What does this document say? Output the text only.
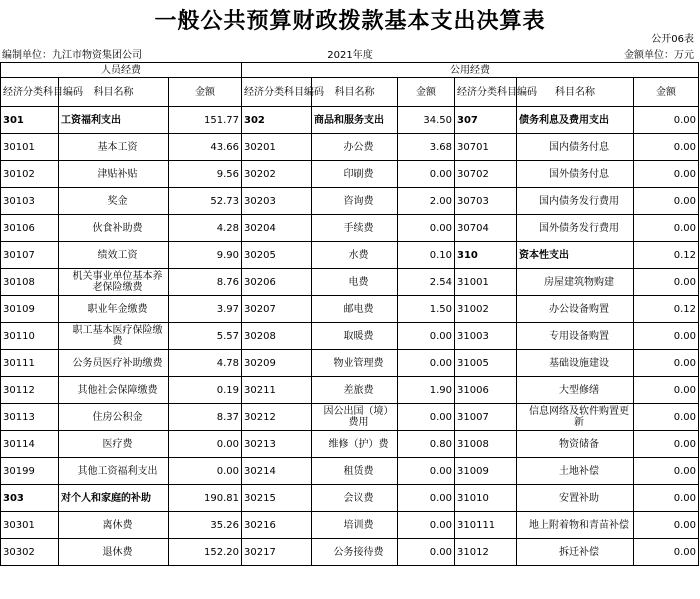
一般公共预算财政拨款基本支出决算表
公开06表
编制单位：九江市物资集团公司	2021年度	金额单位：万元
人员经费			公用经费					
经济分类科目编码	科目名称	金额	经济分类科目编码	科目名称	金额	经济分类科目编码	科目名称	金额
301	工资福利支出	151.77	302	商品和服务支出	34.50	307	债务利息及费用支出	0.00
30101	基本工资	43.66	30201	办公费	3.68	30701	国内债务付息	0.00
30102	津贴补贴	9.56	30202	印刷费	0.00	30702	国外债务付息	0.00
30103	奖金	52.73	30203	咨询费	2.00	30703	国内债务发行费用	0.00
30106	伙食补助费	4.28	30204	手续费	0.00	30704	国外债务发行费用	0.00
30107	绩效工资	9.90	30205	水费	0.10	310	资本性支出	0.12
30108	机关事业单位基本养老保险缴费	8.76	30206	电费	2.54	31001	房屋建筑物购建	0.00
30109	职业年金缴费	3.97	30207	邮电费	1.50	31002	办公设备购置	0.12
30110	职工基本医疗保险缴费	5.57	30208	取暖费	0.00	31003	专用设备购置	0.00
30111	公务员医疗补助缴费	4.78	30209	物业管理费	0.00	31005	基础设施建设	0.00
30112	其他社会保障缴费	0.19	30211	差旅费	1.90	31006	大型修缮	0.00
30113	住房公积金	8.37	30212	因公出国（境）费用	0.00	31007	信息网络及软件购置更新	0.00
30114	医疗费	0.00	30213	维修（护）费	0.80	31008	物资储备	0.00
30199	其他工资福利支出	0.00	30214	租赁费	0.00	31009	土地补偿	0.00
303	对个人和家庭的补助	190.81	30215	会议费	0.00	31010	安置补助	0.00
30301	离休费	35.26	30216	培训费	0.00	310111	地上附着物和青苗补偿	0.00
30302	退休费	152.20	30217	公务接待费	0.00	31012	拆迁补偿	0.00
